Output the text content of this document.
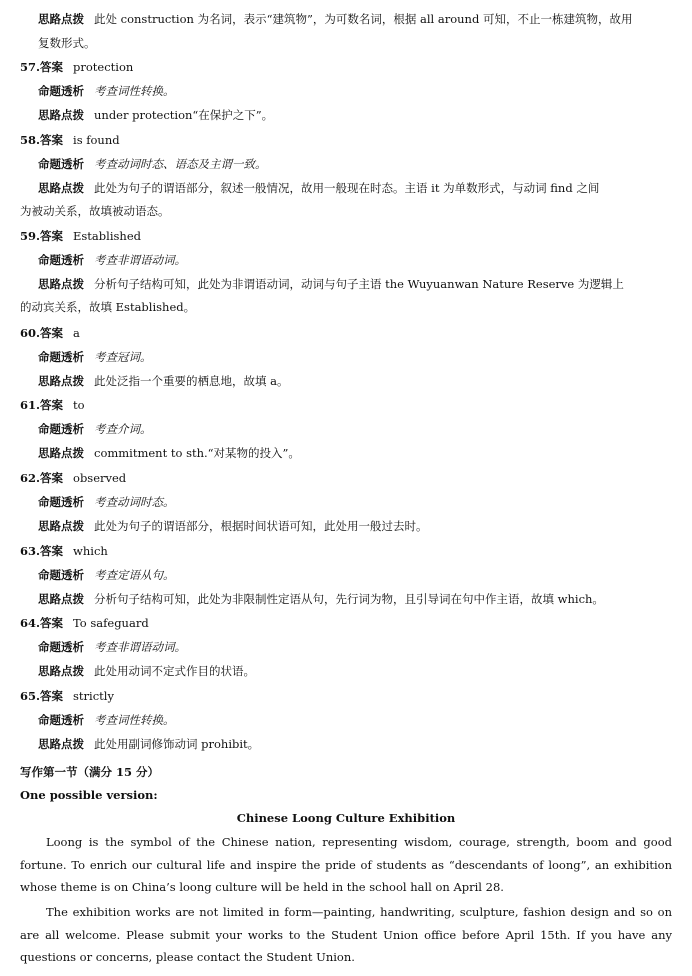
思路点拨 此处 construction 为名词，表示“建筑物”，为可数名词，根据 all around 可知，不止一栋建筑物，故用
复数形式。
57.答案 protection
命题透析 考查词性转换。
思路点拨 under protection“在保护之下”。
58.答案 is found
命题透析 考查动词时态、语态及主谓一致。
思路点拨 此处为句子的谓语部分，叙述一般情况，故用一般现在时态。主语 it 为单数形式，与动词 find 之间
为被动关系，故填被动语态。
59.答案 Established
命题透析 考查非谓语动词。
思路点拨 分析句子结构可知，此处为非谓语动词，动词与句子主语 the Wuyuanwan Nature Reserve 为逻辑上
的动宾关系，故填 Established。
60.答案 a
命题透析 考查冠词。
思路点拨 此处泛指一个重要的栖息地，故填 a。
61.答案 to
命题透析 考查介词。
思路点拨 commitment to sth.“对某物的投入”。
62.答案 observed
命题透析 考查动词时态。
思路点拨 此处为句子的谓语部分，根据时间状语可知，此处用一般过去时。
63.答案 which
命题透析 考查定语从句。
思路点拨 分析句子结构可知，此处为非限制性定语从句，先行词为物，且引导词在句中作主语，故填 which。
64.答案 To safeguard
命题透析 考查非谓语动词。
思路点拨 此处用动词不定式作目的状语。
65.答案 strictly
命题透析 考查词性转换。
思路点拨 此处用副词修饰动词 prohibit。
写作第一节（满分 15 分）
One possible version:
Chinese Loong Culture Exhibition
Loong is the symbol of the Chinese nation, representing wisdom, courage, strength, boom and good fortune. To enrich our cultural life and inspire the pride of students as “descendants of loong”, an exhibition whose theme is on China’s loong culture will be held in the school hall on April 28.
The exhibition works are not limited in form—painting, handwriting, sculpture, fashion design and so on are all welcome. Please submit your works to the Student Union office before April 15th. If you have any questions or concerns, please contact the Student Union.
